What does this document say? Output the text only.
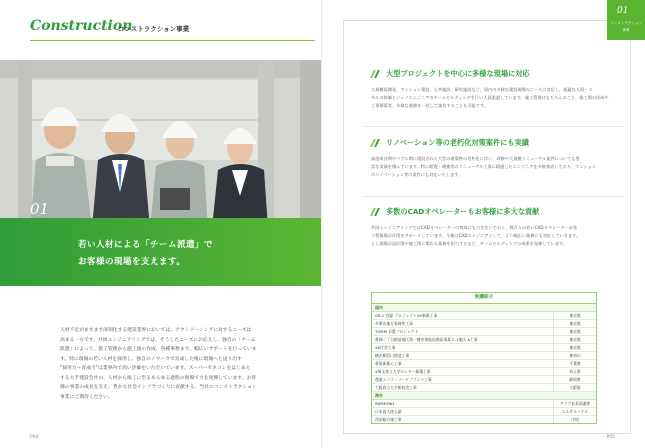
Construction
コンストラクション事業
01
若い人材による「チーム派遣」で
お客様の現場を支えます。
人材不足がますます深刻化する建設業界においては、アウトソーシングに対するニーズは
高まる一方です。共同エンジニアリングでは、そうしたニーズにお応えし、独自の「チーム
派遣」によって、施工管理から施工図の作成、各種事務まで、幅広いサポートを行っていま
す。特に現場の若い人材を採用し、独自のノウハウで育成した後に現場へと送り出す
"採用力＋育成力"は業界内で高い評価をいただいています。スーパーゼネコンをはじめと
する大手建設会社の、人材から竣工に至るあらゆる過程の現場で力を発揮しています。お客
様の事業の成長を支え、豊かな社会インフラづくりに貢献する、当社のコンストラクション
事業にご期待ください。
P04
01
コンストラクション
事業
大型プロジェクトを中心に多様な現場に対応
大規模再開発、マンション建設、公共施設、研究施設など、国内の多様な建設現場のニーズに対応し、最適な人員・ス
キルの体制とジェノエンジニアのチームビルディングを行い人員派遣しています。施工管理はもちろんのこと、施工図の作成や
工事積算等、多様な業務を一括して請負することも可能です。
リノベーション等の老朽化対策案件にも実績
高度成長期やバブル期に建設された大型の建築物の老朽化に伴い、改修や大規模リニューアル案件についても豊
富な実績を積んでいます。特に耐震・補強等のリニューアル工事に精通したエンジニアを多数育成しており、マンション
のリノベーション等の案件にも対応いたします。
多数のCADオペレーターもお客様に多大な貢献
共同エンジニアリングではCADオペレーターの育成にも力を注いでおり、数百人の若いCADオペレーターが各
工程現場の作図をサポートしています。今後はCADエンジニアとして、より幅広い業務にも対応していきます。
とし現場の設計図や施工図に関わる業務を担当するなど、チームビルディングの成果を発揮しています。
実績紹介
国内
GR-1 官邸 プロジェクトXX新築工事	東京都
多摩川地方事務所工事	東京都
TOMM 京葉プロジェクト	東京都
豊洲二丁目駅前地区第一種市街地再開発事業２-1地区 A工事	東京都
XX庁舎工事	東京都
横浜駅西口開発工事	神奈川
幕張新都心工事	千葉県
X埼玉県立大学センター新築工事	埼玉県
農業エコラ・フードプラント工事	静岡県
大阪府立大学新校舎工事	大阪府
海外
RAYMOND	アラブ首長国連邦
日本国大使公邸	エルサルバドル
西安総合施工事	中国
P05
